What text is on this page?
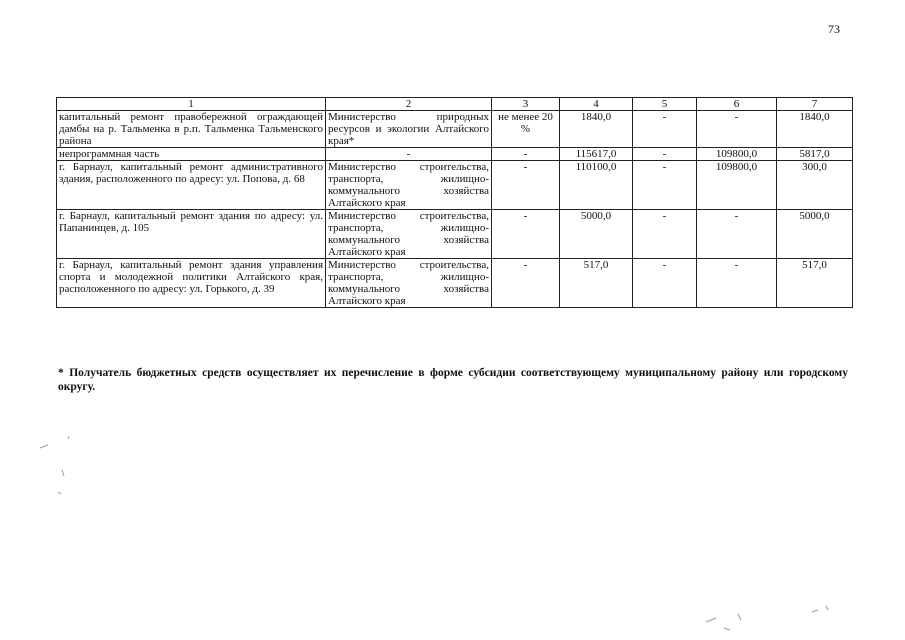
73
1	2	3	4	5	6	7
капитальный ремонт правобережной ограждающей дамбы на р. Тальменка в р.п. Тальменка Тальменского района	Министерство природных ресурсов и экологии Алтайского края*	не менее 20 %	1840,0	-	-	1840,0
непрограммная часть	-	-	115617,0	-	109800,0	5817,0
г. Барнаул, капитальный ремонт административного здания, расположенного по адресу: ул. Попова, д. 68	Министерство строительства, транспорта, жилищно-коммунального хозяйства Алтайского края	-	110100,0	-	109800,0	300,0
г. Барнаул, капитальный ремонт здания по адресу: ул. Папанинцев, д. 105	Министерство строительства, транспорта, жилищно-коммунального хозяйства Алтайского края	-	5000,0	-	-	5000,0
г. Барнаул, капитальный ремонт здания управления спорта и молодежной политики Алтайского края, расположенного по адресу: ул. Горького, д. 39	Министерство строительства, транспорта, жилищно-коммунального хозяйства Алтайского края	-	517,0	-	-	517,0
* Получатель бюджетных средств осуществляет их перечисление в форме субсидии соответствующему муниципальному району или городскому округу.
